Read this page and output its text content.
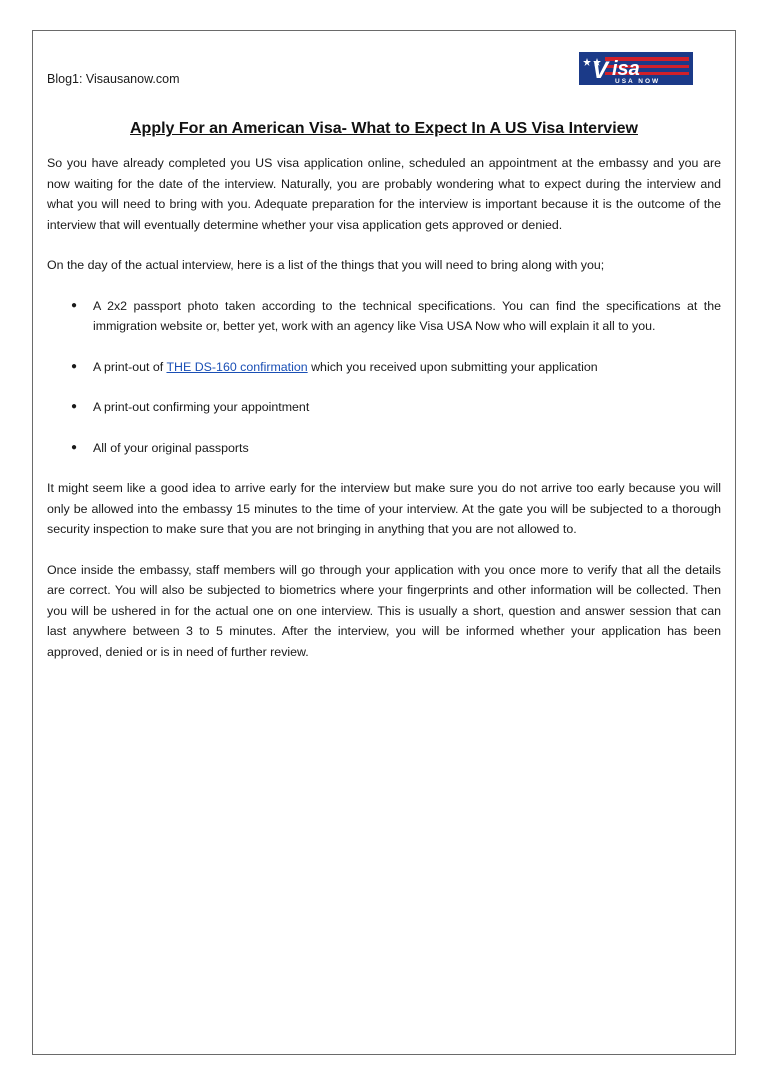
Blog1: Visausanow.com	V isa
USA NOW
Apply For an American Visa- What to Expect In A US Visa Interview

So you have already completed you US visa application online, scheduled an appointment at the embassy and you are now waiting for the date of the interview. Naturally, you are probably wondering what to expect during the interview and what you will need to bring with you. Adequate preparation for the interview is important because it is the outcome of the interview that will eventually determine whether your visa application gets approved or denied.

On the day of the actual interview, here is a list of the things that you will need to bring along with you;

● A 2x2 passport photo taken according to the technical specifications. You can find the specifications at the immigration website or, better yet, work with an agency like Visa USA Now who will explain it all to you.
● A print-out of THE DS-160 confirmation which you received upon submitting your application
● A print-out confirming your appointment
● All of your original passports

It might seem like a good idea to arrive early for the interview but make sure you do not arrive too early because you will only be allowed into the embassy 15 minutes to the time of your interview. At the gate you will be subjected to a thorough security inspection to make sure that you are not bringing in anything that you are not allowed to.

Once inside the embassy, staff members will go through your application with you once more to verify that all the details are correct. You will also be subjected to biometrics where your fingerprints and other information will be collected. Then you will be ushered in for the actual one on one interview. This is usually a short, question and answer session that can last anywhere between 3 to 5 minutes. After the interview, you will be informed whether your application has been approved, denied or is in need of further review.
